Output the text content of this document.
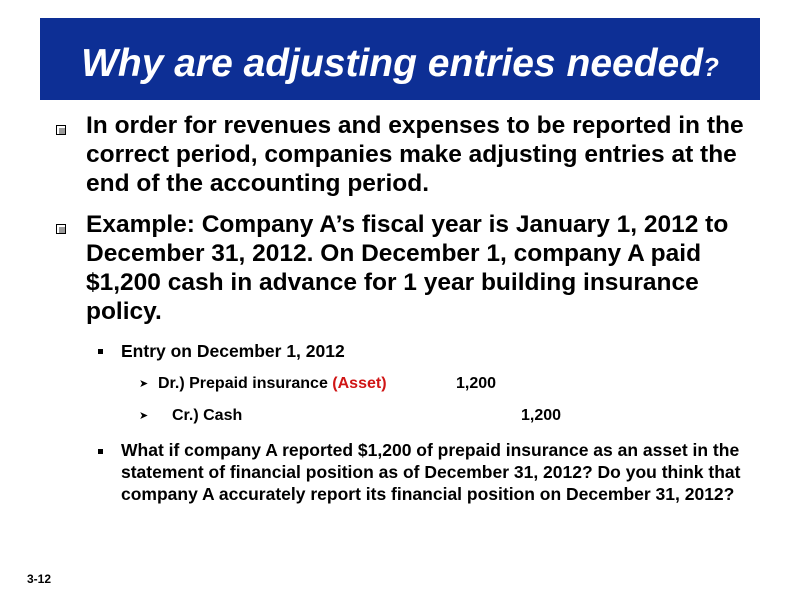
Why are adjusting entries needed?
In order for revenues and expenses to be reported in the correct period, companies make adjusting entries at the end of the accounting period.
Example: Company A’s fiscal year is January 1, 2012 to December 31, 2012. On December 1, company A paid $1,200 cash in advance for 1 year building insurance policy.
Entry on December 1, 2012
➤ Dr.) Prepaid insurance (Asset)	1,200
➤ Cr.) Cash	1,200
What if company A reported $1,200 of prepaid insurance as an asset in the statement of financial position as of December 31, 2012? Do you think that company A accurately report its financial position on December 31, 2012?
3-12
